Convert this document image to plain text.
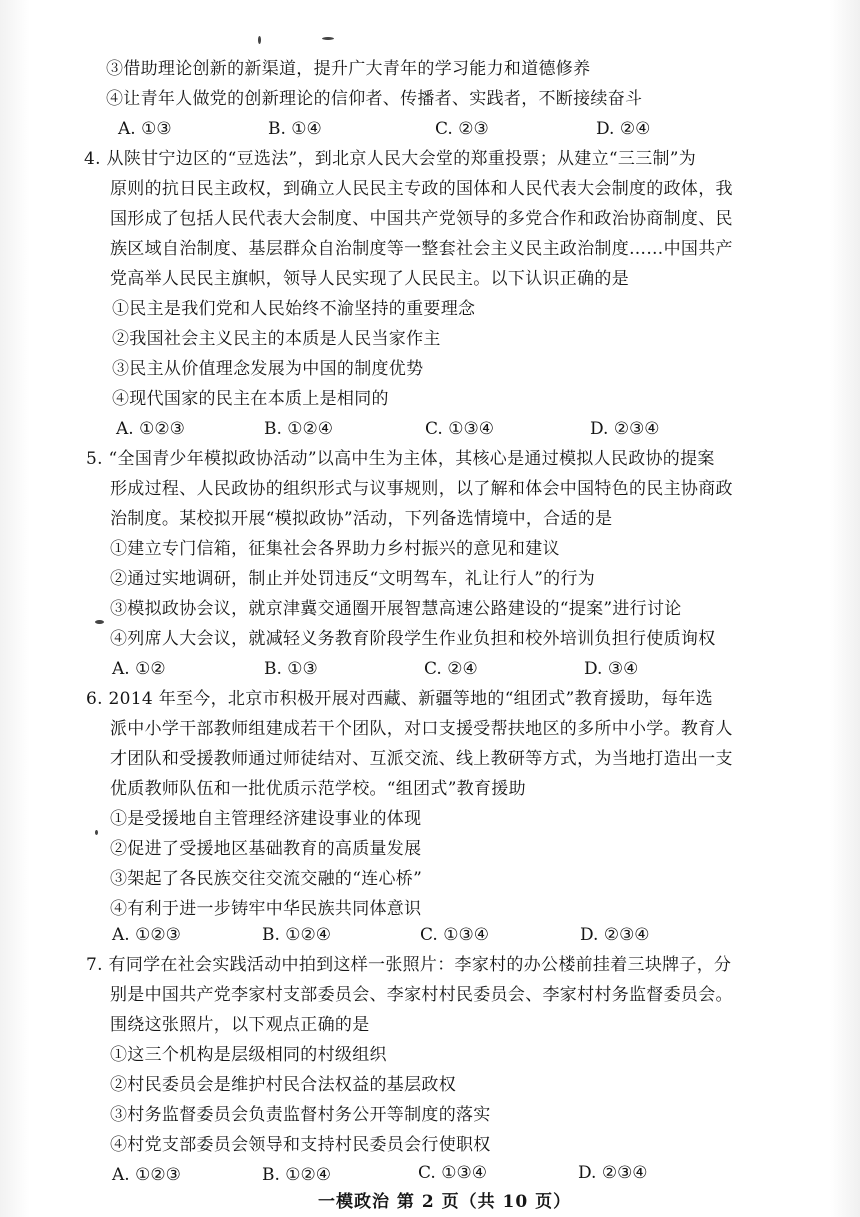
③借助理论创新的新渠道，提升广大青年的学习能力和道德修养
④让青年人做党的创新理论的信仰者、传播者、实践者，不断接续奋斗
A. ①③	B. ①④	C. ②③	D. ②④
4. 从陕甘宁边区的“豆选法”，到北京人民大会堂的郑重投票；从建立“三三制”为
原则的抗日民主政权，到确立人民民主专政的国体和人民代表大会制度的政体，我
国形成了包括人民代表大会制度、中国共产党领导的多党合作和政治协商制度、民
族区域自治制度、基层群众自治制度等一整套社会主义民主政治制度……中国共产
党高举人民民主旗帜，领导人民实现了人民民主。以下认识正确的是
①民主是我们党和人民始终不渝坚持的重要理念
②我国社会主义民主的本质是人民当家作主
③民主从价值理念发展为中国的制度优势
④现代国家的民主在本质上是相同的
A. ①②③	B. ①②④	C. ①③④	D. ②③④
5. “全国青少年模拟政协活动”以高中生为主体，其核心是通过模拟人民政协的提案
形成过程、人民政协的组织形式与议事规则，以了解和体会中国特色的民主协商政
治制度。某校拟开展“模拟政协”活动，下列备选情境中，合适的是
①建立专门信箱，征集社会各界助力乡村振兴的意见和建议
②通过实地调研，制止并处罚违反“文明驾车，礼让行人”的行为
③模拟政协会议，就京津冀交通圈开展智慧高速公路建设的“提案”进行讨论
④列席人大会议，就减轻义务教育阶段学生作业负担和校外培训负担行使质询权
A. ①②	B. ①③	C. ②④	D. ③④
6. 2014 年至今，北京市积极开展对西藏、新疆等地的“组团式”教育援助，每年选
派中小学干部教师组建成若干个团队，对口支援受帮扶地区的多所中小学。教育人
才团队和受援教师通过师徒结对、互派交流、线上教研等方式，为当地打造出一支
优质教师队伍和一批优质示范学校。“组团式”教育援助
①是受援地自主管理经济建设事业的体现
②促进了受援地区基础教育的高质量发展
③架起了各民族交往交流交融的“连心桥”
④有利于进一步铸牢中华民族共同体意识
A. ①②③	B. ①②④	C. ①③④	D. ②③④
7. 有同学在社会实践活动中拍到这样一张照片：李家村的办公楼前挂着三块牌子，分
别是中国共产党李家村支部委员会、李家村村民委员会、李家村村务监督委员会。
围绕这张照片，以下观点正确的是
①这三个机构是层级相同的村级组织
②村民委员会是维护村民合法权益的基层政权
③村务监督委员会负责监督村务公开等制度的落实
④村党支部委员会领导和支持村民委员会行使职权
A. ①②③	B. ①②④	C. ①③④	D. ②③④
一模政治 第 2 页（共 10 页）
